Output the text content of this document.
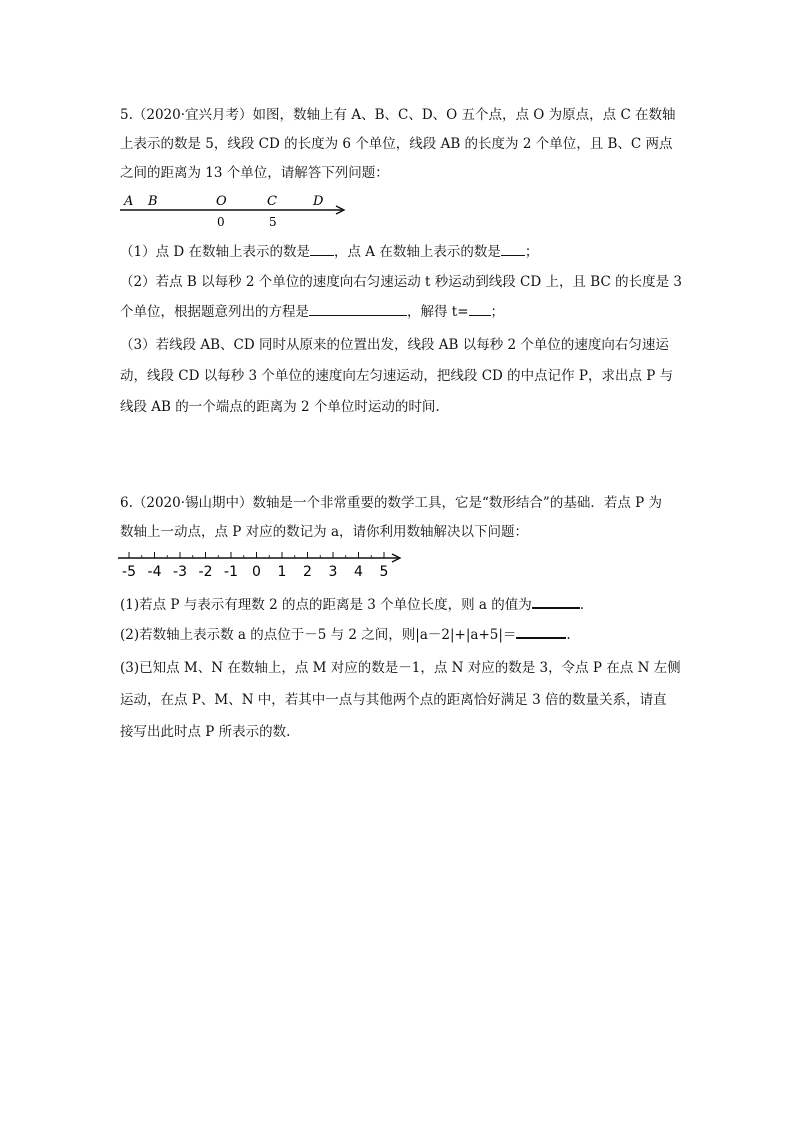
5.（2020·宜兴月考）如图，数轴上有 A、B、C、D、O 五个点，点 O 为原点，点 C 在数轴
上表示的数是 5，线段 CD 的长度为 6 个单位，线段 AB 的长度为 2 个单位，且 B、C 两点
之间的距离为 13 个单位，请解答下列问题：
A B	O	C	D
0	5
（1）点 D 在数轴上表示的数是 ，点 A 在数轴上表示的数是 ；
（2）若点 B 以每秒 2 个单位的速度向右匀速运动 t 秒运动到线段 CD 上，且 BC 的长度是 3
个单位，根据题意列出的方程是	，解得 t= ；
（3）若线段 AB、CD 同时从原来的位置出发，线段 AB 以每秒 2 个单位的速度向右匀速运
动，线段 CD 以每秒 3 个单位的速度向左匀速运动，把线段 CD 的中点记作 P，求出点 P 与
线段 AB 的一个端点的距离为 2 个单位时运动的时间.
6.（2020·锡山期中）数轴是一个非常重要的数学工具，它是“数形结合”的基础．若点 P 为
数轴上一动点，点 P 对应的数记为 a，请你利用数轴解决以下问题：
-5 -4 -3 -2 -1 0 1 2 3 4 5
(1)若点 P 与表示有理数 2 的点的距离是 3 个单位长度，则 a 的值为	.
(2)若数轴上表示数 a 的点位于－5 与 2 之间，则|a－2|+|a+5|＝	.
(3)已知点 M、N 在数轴上，点 M 对应的数是－1，点 N 对应的数是 3，令点 P 在点 N 左侧
运动，在点 P、M、N 中，若其中一点与其他两个点的距离恰好满足 3 倍的数量关系，请直
接写出此时点 P 所表示的数.
